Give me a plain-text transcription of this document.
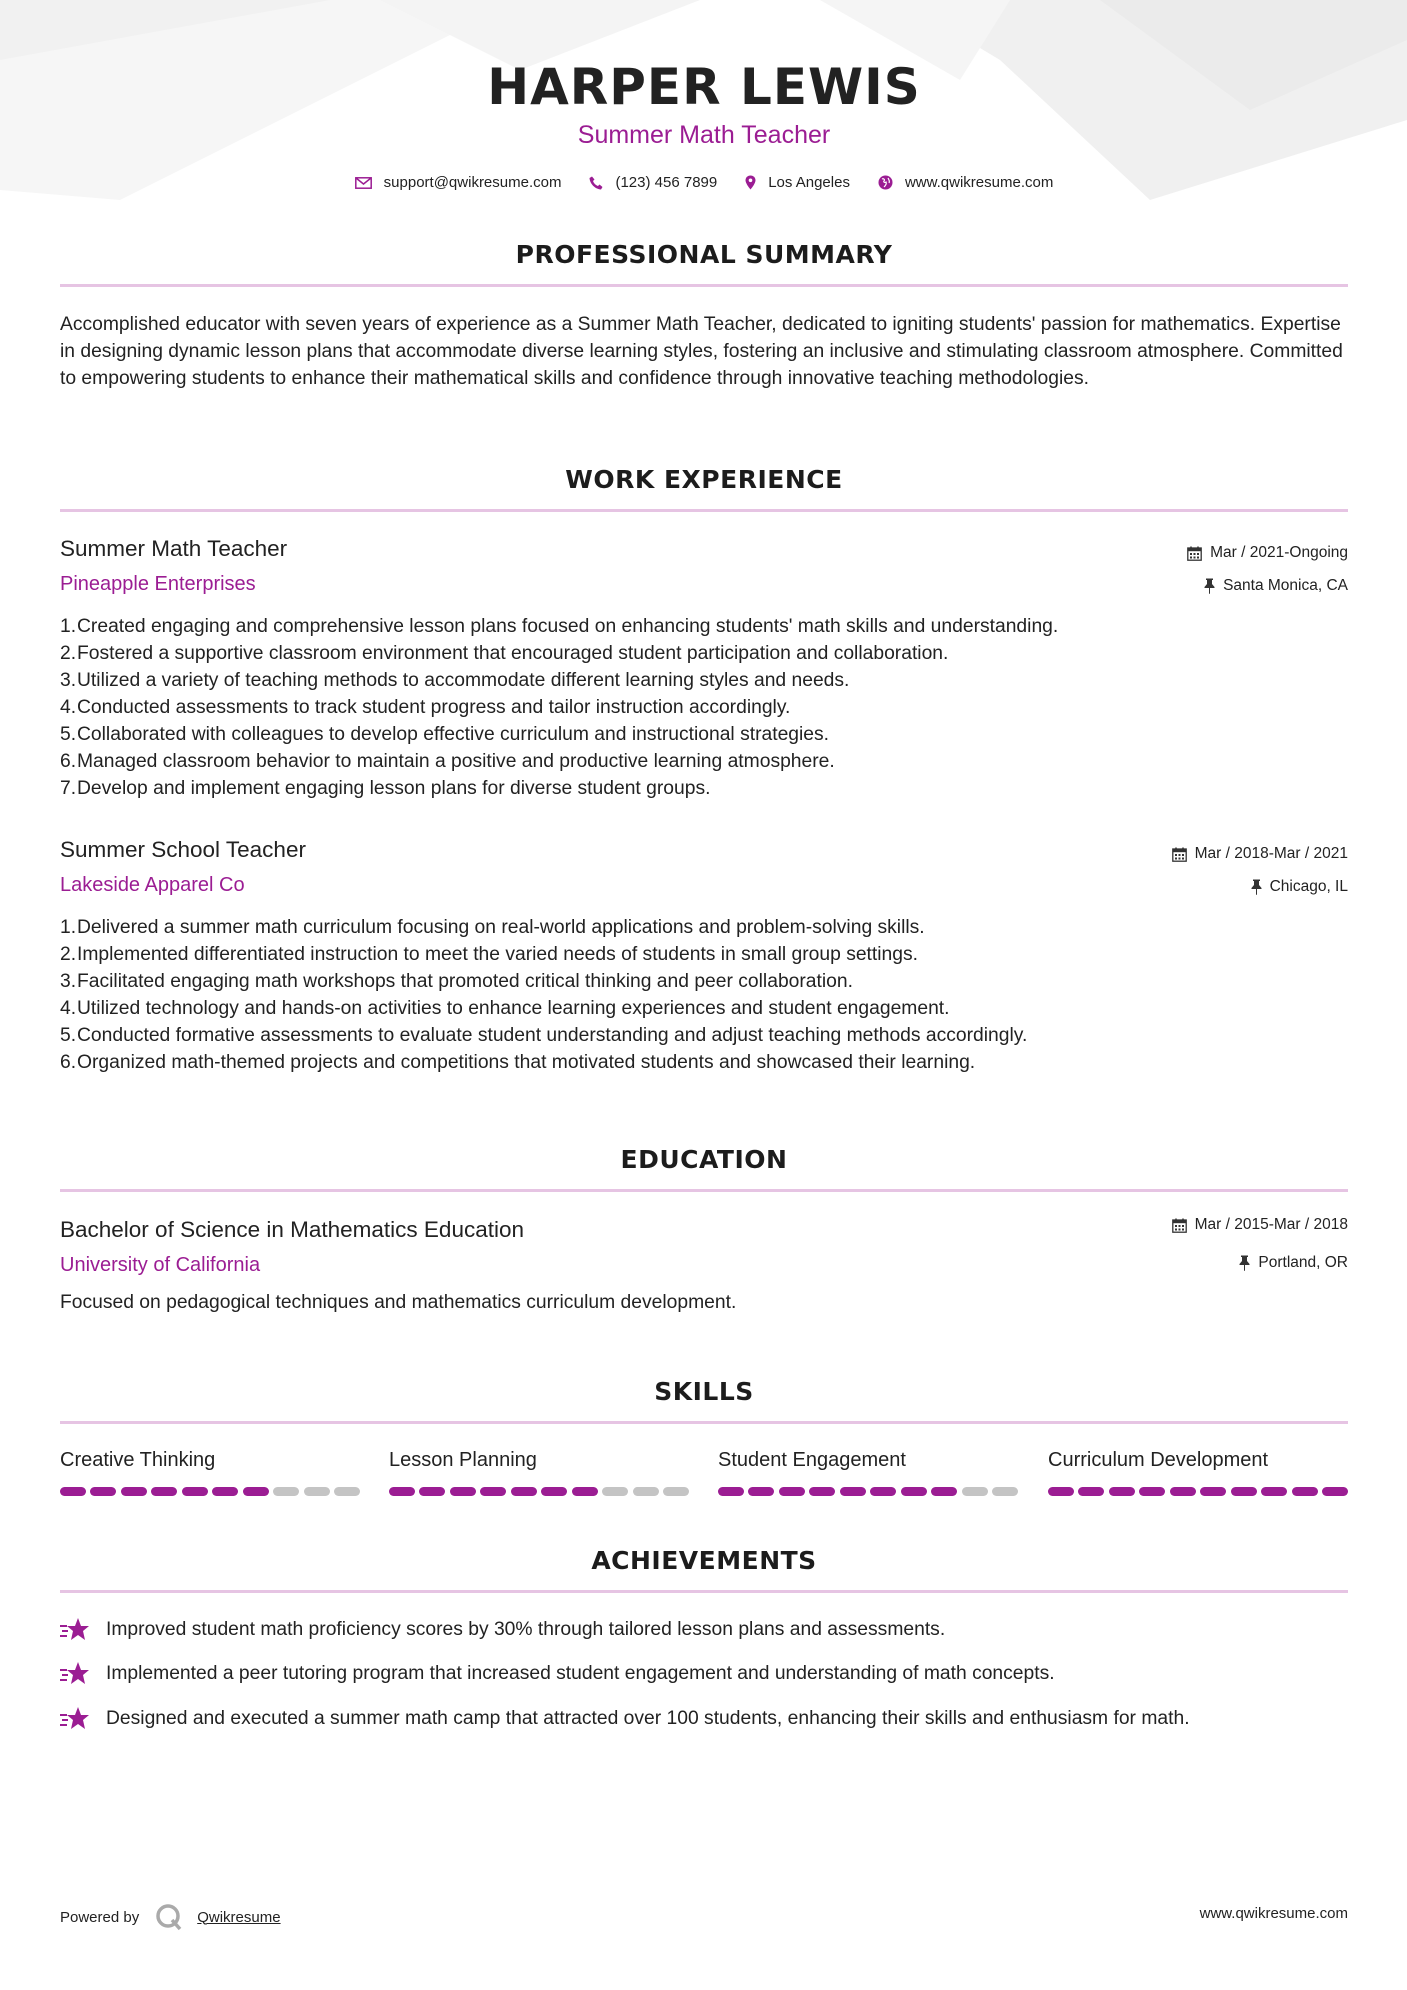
HARPER LEWIS
Summer Math Teacher
support@qwikresume.com	(123) 456 7899	Los Angeles	www.qwikresume.com
PROFESSIONAL SUMMARY
Accomplished educator with seven years of experience as a Summer Math Teacher, dedicated to igniting students' passion for mathematics. Expertise in designing dynamic lesson plans that accommodate diverse learning styles, fostering an inclusive and stimulating classroom atmosphere. Committed to empowering students to enhance their mathematical skills and confidence through innovative teaching methodologies.
WORK EXPERIENCE
Summer Math Teacher
Pineapple Enterprises
Mar / 2021-Ongoing
Santa Monica, CA
1. Created engaging and comprehensive lesson plans focused on enhancing students' math skills and understanding.
2. Fostered a supportive classroom environment that encouraged student participation and collaboration.
3. Utilized a variety of teaching methods to accommodate different learning styles and needs.
4. Conducted assessments to track student progress and tailor instruction accordingly.
5. Collaborated with colleagues to develop effective curriculum and instructional strategies.
6. Managed classroom behavior to maintain a positive and productive learning atmosphere.
7. Develop and implement engaging lesson plans for diverse student groups.
Summer School Teacher
Lakeside Apparel Co
Mar / 2018-Mar / 2021
Chicago, IL
1. Delivered a summer math curriculum focusing on real-world applications and problem-solving skills.
2. Implemented differentiated instruction to meet the varied needs of students in small group settings.
3. Facilitated engaging math workshops that promoted critical thinking and peer collaboration.
4. Utilized technology and hands-on activities to enhance learning experiences and student engagement.
5. Conducted formative assessments to evaluate student understanding and adjust teaching methods accordingly.
6. Organized math-themed projects and competitions that motivated students and showcased their learning.
EDUCATION
Bachelor of Science in Mathematics Education
University of California
Mar / 2015-Mar / 2018
Portland, OR
Focused on pedagogical techniques and mathematics curriculum development.
SKILLS
Creative Thinking	Lesson Planning	Student Engagement	Curriculum Development
ACHIEVEMENTS
Improved student math proficiency scores by 30% through tailored lesson plans and assessments.
Implemented a peer tutoring program that increased student engagement and understanding of math concepts.
Designed and executed a summer math camp that attracted over 100 students, enhancing their skills and enthusiasm for math.
Powered by	Qwikresume	www.qwikresume.com
